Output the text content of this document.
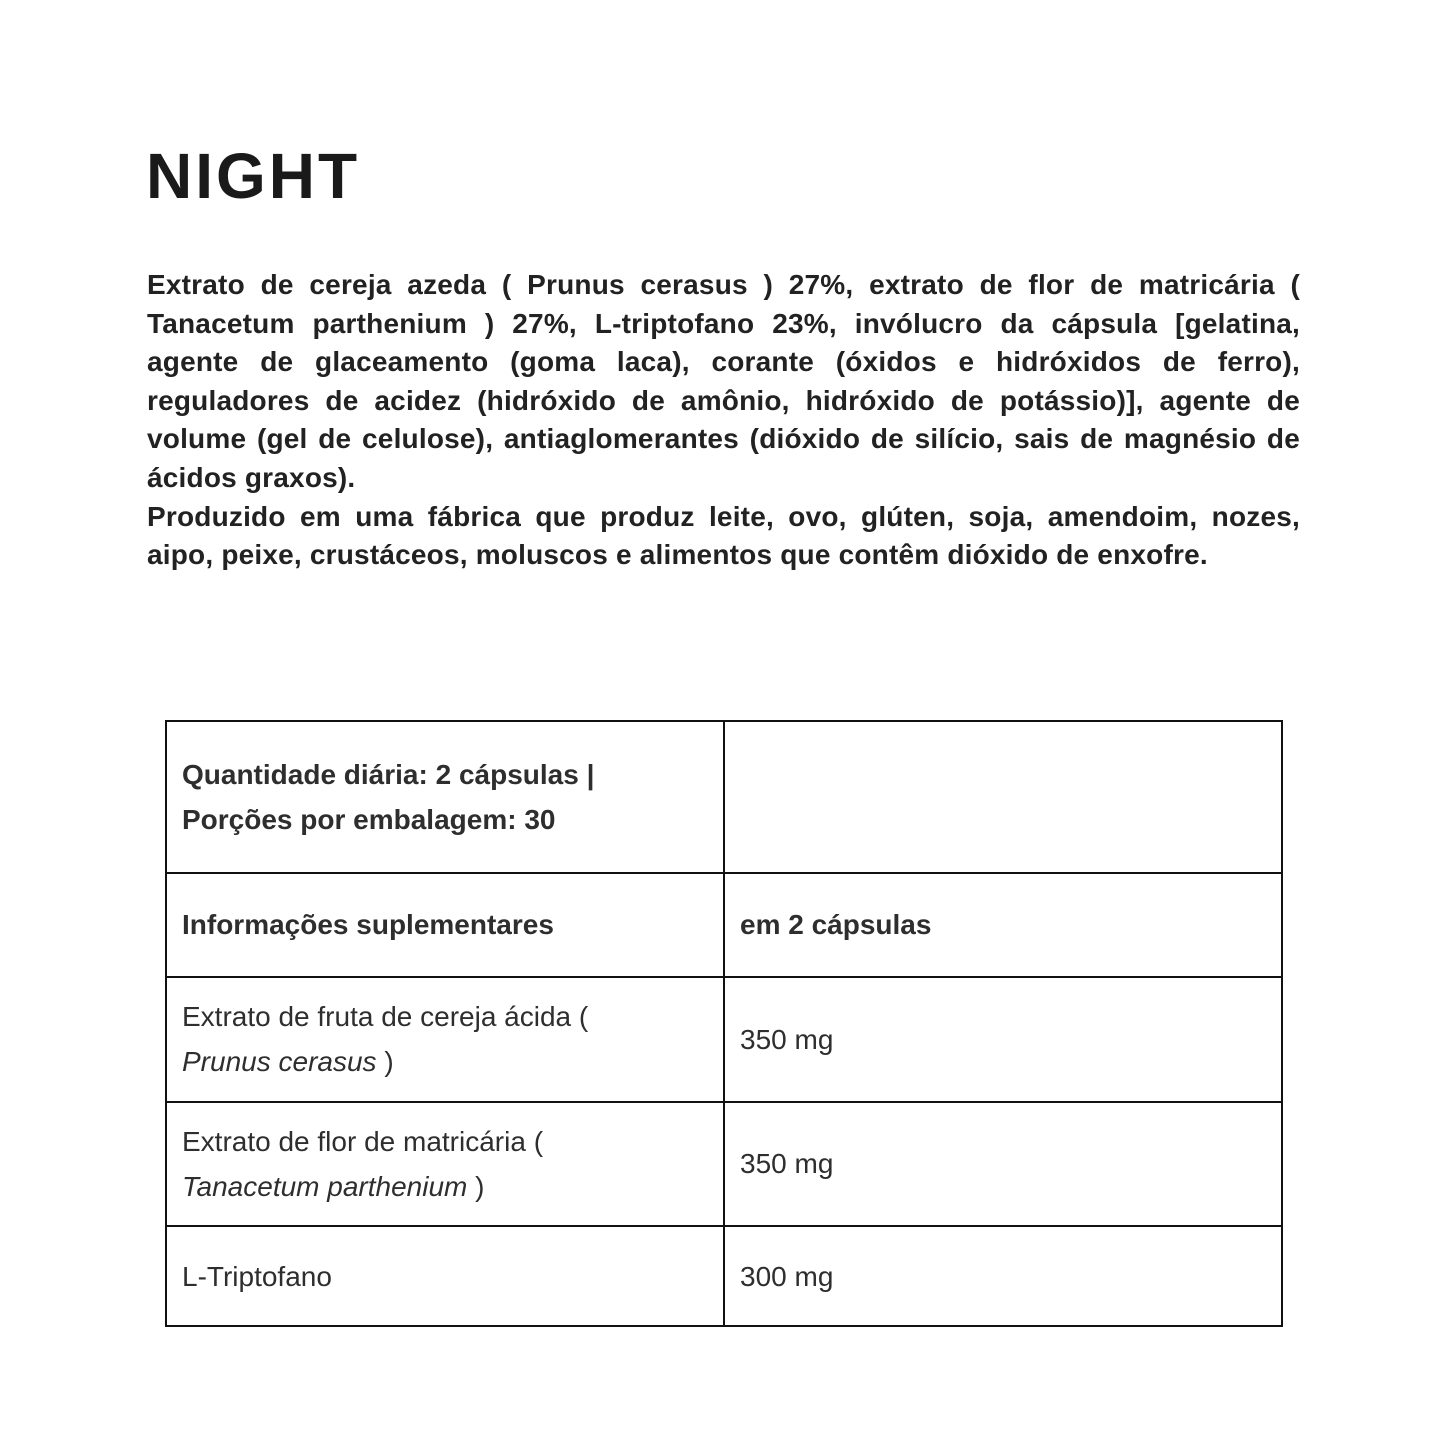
NIGHT

Extrato de cereja azeda ( Prunus cerasus ) 27%, extrato de flor de matricária ( Tanacetum parthenium ) 27%, L-triptofano 23%, invólucro da cápsula [gelatina, agente de glaceamento (goma laca), corante (óxidos e hidróxidos de ferro), reguladores de acidez (hidróxido de amônio, hidróxido de potássio)], agente de volume (gel de celulose), antiaglomerantes (dióxido de silício, sais de magnésio de ácidos graxos).

Produzido em uma fábrica que produz leite, ovo, glúten, soja, amendoim, nozes, aipo, peixe, crustáceos, moluscos e alimentos que contêm dióxido de enxofre.

Quantidade diária: 2 cápsulas | Porções por embalagem: 30	
Informações suplementares	em 2 cápsulas
Extrato de fruta de cereja ácida (
Prunus cerasus )	350 mg
Extrato de flor de matricária (
Tanacetum parthenium )	350 mg
L-Triptofano	300 mg
